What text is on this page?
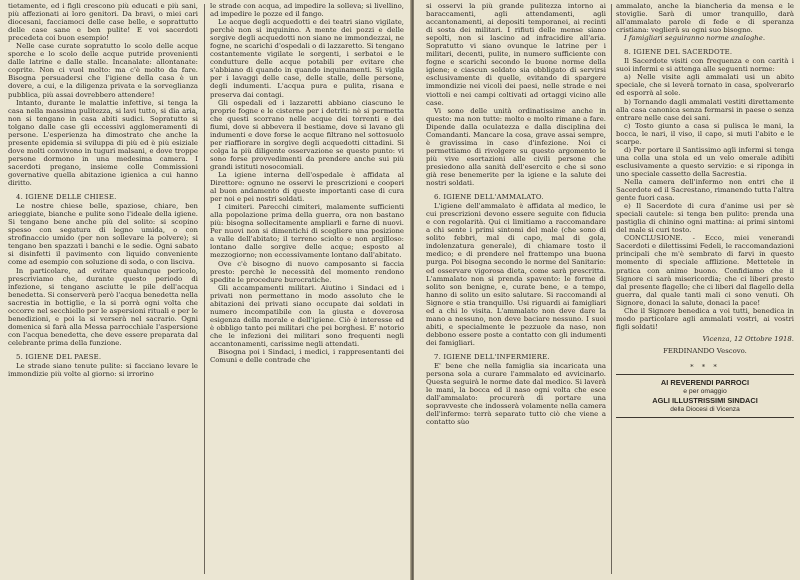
tietamente, ed i figli crescono più educati e più sani, più affezionati ai loro genitori. Da bravi, o miei cari diocesani, facciamoci delle case belle, e soprattutto delle case sane e ben pulite! E voi sacerdoti precedeta coi buon esempio!

Nelle case curate sopratutto lo scolo delle acque sporche e lo scolo delle acque putride provenienti dalle latrine e dalle stalle. Incanalate: allontanate: coprite. Non ci vuol molto: ma c'è molto da fare. Bisogna persuadersi che l'igiene della casa è un dovere, a cui, e la diligenza privata e la sorveglianza pubblica, più assai dovrebbero attendere!

Intanto, durante le malattie infettive, si tenga la casa nella massima pulitezza, si lavi tutto, si dia aria, non si tengano in casa abiti sudici. Sopratutto si tolgano dalle case gli eccessivi agglomeramenti di persone. L'esperienza ha dimostrato che anche la presente epidemia si sviluppa di più ed è più esiziale dove molti convivono in tuguri malsani, e dove troppe persone dormono in una medesima camera. I sacerdoti pregano, insieme colle Commissioni governative quella abitazione igienica a cui hanno diritto.

4. IGIENE DELLE CHIESE.

Le nostre chiese belle, spaziose, chiare, ben arieggiate, bianche e pulite sono l'ideale della igiene. Si tengano bene anche più del solito: si scopino spesso con segatura di legno umida, o con strofinaccio umido (per non sollevare la polvere); si tengano ben spazzati i banchi e le sedie. Ogni sabato si disinfetti il pavimento con liquido conveniente come ad esempio con soluzione di soda, o con lisciva.

In particolare, ad evitare qualunque pericolo, prescriviamo che, durante questo periodo di infezione, si tengano asciutte le pile dell'acqua benedetta. Si conserverà però l'acqua benedetta nella sacrestia in bottiglie, e la si porrà ogni volta che occorre nel secchiello per le aspersioni rituali e per le benedizioni, e poi la si verserà nel sacrario. Ogni domenica si farà alla Messa parrocchiale l'aspersione con l'acqua benedetta, che deve essere preparata dal celebrante prima della funzione.

5. IGIENE DEL PAESE.

Le strade siano tenute pulite: si facciano levare le immondizie più volte al giorno: si irrorino

le strade con acqua, ad impedire la solleva; si livellino, ad impedire le pozze ed il fango.

Le acque degli acquedotti e dei teatri siano vigilate, perchè non si inquinino. A mente dei pozzi e delle sorgive degli acquedotti non siano ne immondezzai, ne fogne, ne scarichi d'ospedali o di lazzaretto. Si tengano costantemente vigilate le sorgenti, i serbatoi e le condutture delle acque potabili per evitare che s'abbiano di quando in quando inquinamenti. Si vigila per i lavaggi delle case, delle stalle, delle persone, degli indumenti. L'acqua pura e pulita, risana e preserva dai contagi.

Gli ospedali ed i lazzaretti abbiano ciascuno le proprie fogne e le cisterne per i detriti: nè si permetta che questi scorrano nelle acque dei torrenti e dei fiumi, dove si abbevera il bestiame, dove si lavano gli indumenti e dove forse le acque filtrano nel sottosuolo per riaffiorare in sorgive degli acquedotti cittadini. Si colga la più diligente osservazione se questo punto: vi sono forse provvedimenti da prendere anche sui più grandi istituti nosocomiali.

La igiene interna dell'ospedale è affidata al Direttore: ognuno ne osservi le prescrizioni e cooperi al buon andamento di queste importanti case di cura per noi e pei nostri soldati.

I cimiteri. Parecchi cimiteri, malamente sufficienti alla popolazione prima della guerra, ora non bastano più: bisogna sollecitamente ampliarli e farne di nuovi. Per nuovi non si dimentichi di scegliere una posizione a valle dell'abitato; il terreno sciolto e non argilloso: lontano dalle sorgive delle acque; esposto al mezzogiorno; non eccessivamente lontano dall'abitato.

Ove c'è bisogno di nuovo camposanto si faccia presto: perchè le necessità del momento rendono spedite le procedure burocratiche.

Gli accampamenti militari. Aiutino i Sindaci ed i privati non permettano in modo assoluto che le abitazioni dei privati siano occupate dai soldati in numero incompatibile con la giusta e doverosa esigenza della morale e dell'igiene. Ciò è interesse ed è obbligo tanto pei militari che pei borghesi. E' notorio che le infezioni dei militari sono frequenti negli accantonamenti, carissime negli attendati.

Bisogna poi i Sindaci, i medici, i rappresentanti dei Comuni e delle contrade che

si osservi la più grande pulitezza intorno ai baraccamenti, agli attendamenti, agli accantonamenti, ai depositi temporanei, ai recinti di sosta dei militari. I rifiuti delle mense siano sepolti, non si lascino ad infracidire all'aria. Sopratutto vi siano ovunque le latrine per i militari, decenti, pulite, in numero sufficiente con fogne e scarichi secondo le buone norme della igiene; e ciascun soldato sia obbligato di servirsi esclusivamente di quelle, evitando di spargere immondizie nei vicoli dei paesi, nelle strade e nei viottoli e nei campi coltivati ad ortaggi vicino alle case.

Vi sono delle unità ordinatissime anche in questo: ma non tutte: molto e molto rimane a fare. Dipende dalla oculatezza e dalla disciplina dei Comandanti. Mancare la cosa, grave assai sempre, è gravissima in caso d'infezione. Noi ci permettiamo di rivolgere su questo argomento le più vive esortazioni alle civili persone che presiedono alla sanità dell'esercito e che si sono già rese benemerite per la igiene e la salute dei nostri soldati.

6. IGIENE DELL'AMMALATO.

L'igiene dell'ammalato è affidata al medico, le cui prescrizioni devono essere seguite con fiducia e con regolarità. Qui ci limitiamo a raccomandare a chi sente i primi sintomi del male (che sono di solito febbri, mal di capo, mal di gola, indolenzatura generale), di chiamare tosto il medico; e di prendere nel frattempo una buona purga. Poi bisogna secondo le norme del Sanitario: ed osservare vigorosa dieta, come sarà prescritta. L'ammalato non si prenda spavento: le forme di solito son benigne, e, curate bene, e a tempo, hanno di solito un esito salutare. Si raccomandi al Signore e stia tranquillo. Usi riguardi ai famigliari ed a chi lo visita. L'ammalato non deve dare la mano a nessuno, non deve baciare nessuno. I suoi abiti, e specialmente le pezzuole da naso, non debbono essere poste a contatto con gli indumenti dei famigliari.

7. IGIENE DELL'INFERMIERE.

E' bene che nella famiglia sia incaricata una persona sola a curare l'ammalato ed avvicinarlo. Questa seguirà le norme date dal medico. Si laverà le mani, la bocca ed il naso ogni volta che esce dall'ammalato: procurerà di portare una sopravveste che indosserà volamente nella camera dell'infermo: terrà separato tutto ciò che viene a contatto sùo

ammalato, anche la biancheria da mensa e le stoviglie. Sarà di umor tranquillo, darà all'ammalato parole di fede e di speranza cristiana: veglierà su ogni suo bisogno.

I famigliari seguiranno norme analoghe.

8. IGIENE DEL SACERDOTE.

Il Sacerdote visiti con frequenza e con carità i suoi infermi e si attenga alle seguenti norme:

a) Nelle visite agli ammalati usi un abito speciale, che si leverà tornato in casa, spolverarlo ed esporrà al sole.

b) Tornando dagli ammalati vestiti direttamente alla casa canonica senza fermarsi in paese o senza entrare nelle case dei sani.

c) Tosto giunto a casa si pulisca le mani, la bocca, le nari, il viso, il capo, si muti l'abito e le scarpe.

d) Per portare il Santissimo agli infermi si tenga una colla una stola ed un velo omerale adibiti esclusivamente a questo servizio: e si riponga in uno speciale cassetto della Sacrestia.

Nella camera dell'infermo non entri che il Sacerdote ed il Sacrestano, rimanendo tutta l'altra gente fuori casa.

e) Il Sacerdote di cura d'anime usi per sè speciali cautele: si tenga ben pulito: prenda una pastiglia di chinino ogni mattina: ai primi sintomi del male si curi tosto.

CONCLUSIONE. - Ecco, miei venerandi Sacerdoti e dilettissimi Fedeli, le raccomandazioni principali che m'è sembrato di farvi in questo momento di speciale afflizione. Mettetele in pratica con animo buono. Confidiamo che il Signore ci sarà misericordia; che ci liberi presto dal presente flagello; che ci liberi dal flagello della guerra, dal quale tanti mali ci sono venuti. Oh Signore, donaci la salute, donaci la pace!

Che il Signore benedica a voi tutti, benedica in modo particolare agli ammalati vostri, ai vostri figli soldati!

Vicenza, 12 Ottobre 1918.
FERDINANDO Vescovo.
* * *
AI REVERENDI PARROCI
e per omaggio
AGLI ILLUSTRISSIMI SINDACI
della Diocesi di Vicenza
